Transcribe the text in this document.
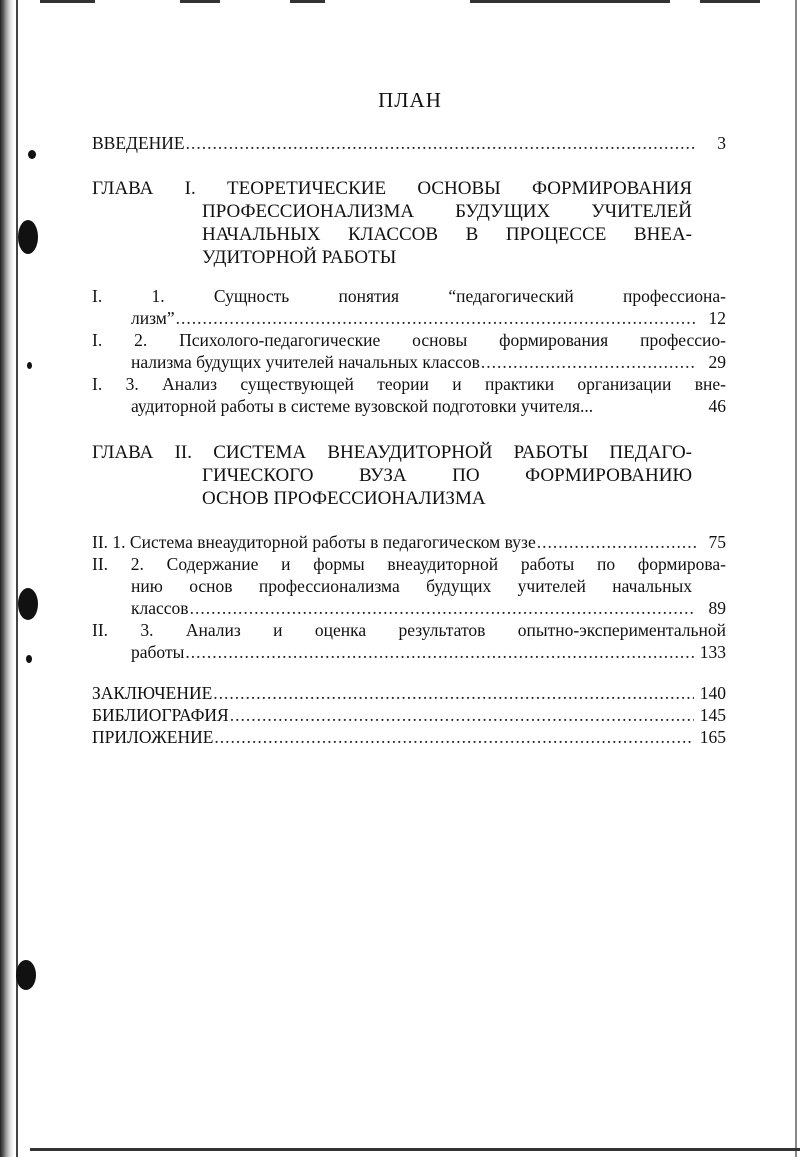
ПЛАН
ВВЕДЕНИЕ .....	3
ГЛАВА I. ТЕОРЕТИЧЕСКИЕ ОСНОВЫ ФОРМИРОВАНИЯ
ПРОФЕССИОНАЛИЗМА БУДУЩИХ УЧИТЕЛЕЙ
НАЧАЛЬНЫХ КЛАССОВ В ПРОЦЕССЕ ВНЕА-
УДИТОРНОЙ РАБОТЫ
I. 1. Сущность понятия “педагогический профессиона-
лизм” .....	12
I. 2. Психолого-педагогические основы формирования профессио-
нализма будущих учителей начальных классов .....	29
I. 3. Анализ существующей теории и практики организации вне-
аудиторной работы в системе вузовской подготовки учителя...	46
ГЛАВА II. СИСТЕМА ВНЕАУДИТОРНОЙ РАБОТЫ ПЕДАГО-
ГИЧЕСКОГО ВУЗА ПО ФОРМИРОВАНИЮ
ОСНОВ ПРОФЕССИОНАЛИЗМА
II. 1. Система внеаудиторной работы в педагогическом вузе .....	75
II. 2. Содержание и формы внеаудиторной работы по формирова-
нию основ профессионализма будущих учителей начальных
классов .....	89
II. 3. Анализ и оценка результатов опытно-экспериментальной
работы .....	133
ЗАКЛЮЧЕНИЕ .....	140
БИБЛИОГРАФИЯ .....	145
ПРИЛОЖЕНИЕ .....	165
